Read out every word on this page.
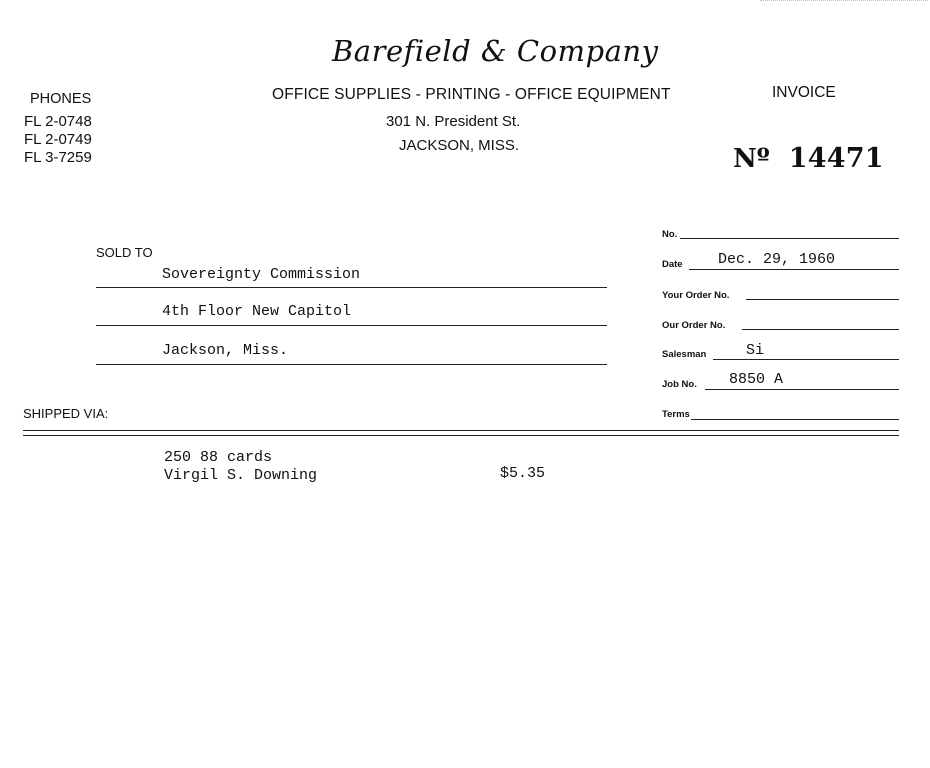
Barefield & Company
OFFICE SUPPLIES - PRINTING - OFFICE EQUIPMENT
301 N. President St.
JACKSON, MISS.
PHONES
FL 2-0748
FL 2-0749
FL 3-7259
INVOICE
Nº 14471
SOLD TO
Sovereignty Commission
4th Floor New Capitol
Jackson, Miss.
No.
Date Dec. 29, 1960
Your Order No.
Our Order No.
Salesman	Si
Job No. 8850 A
Terms
SHIPPED VIA:
250 88 cards
Virgil S. Downing	$5.35
